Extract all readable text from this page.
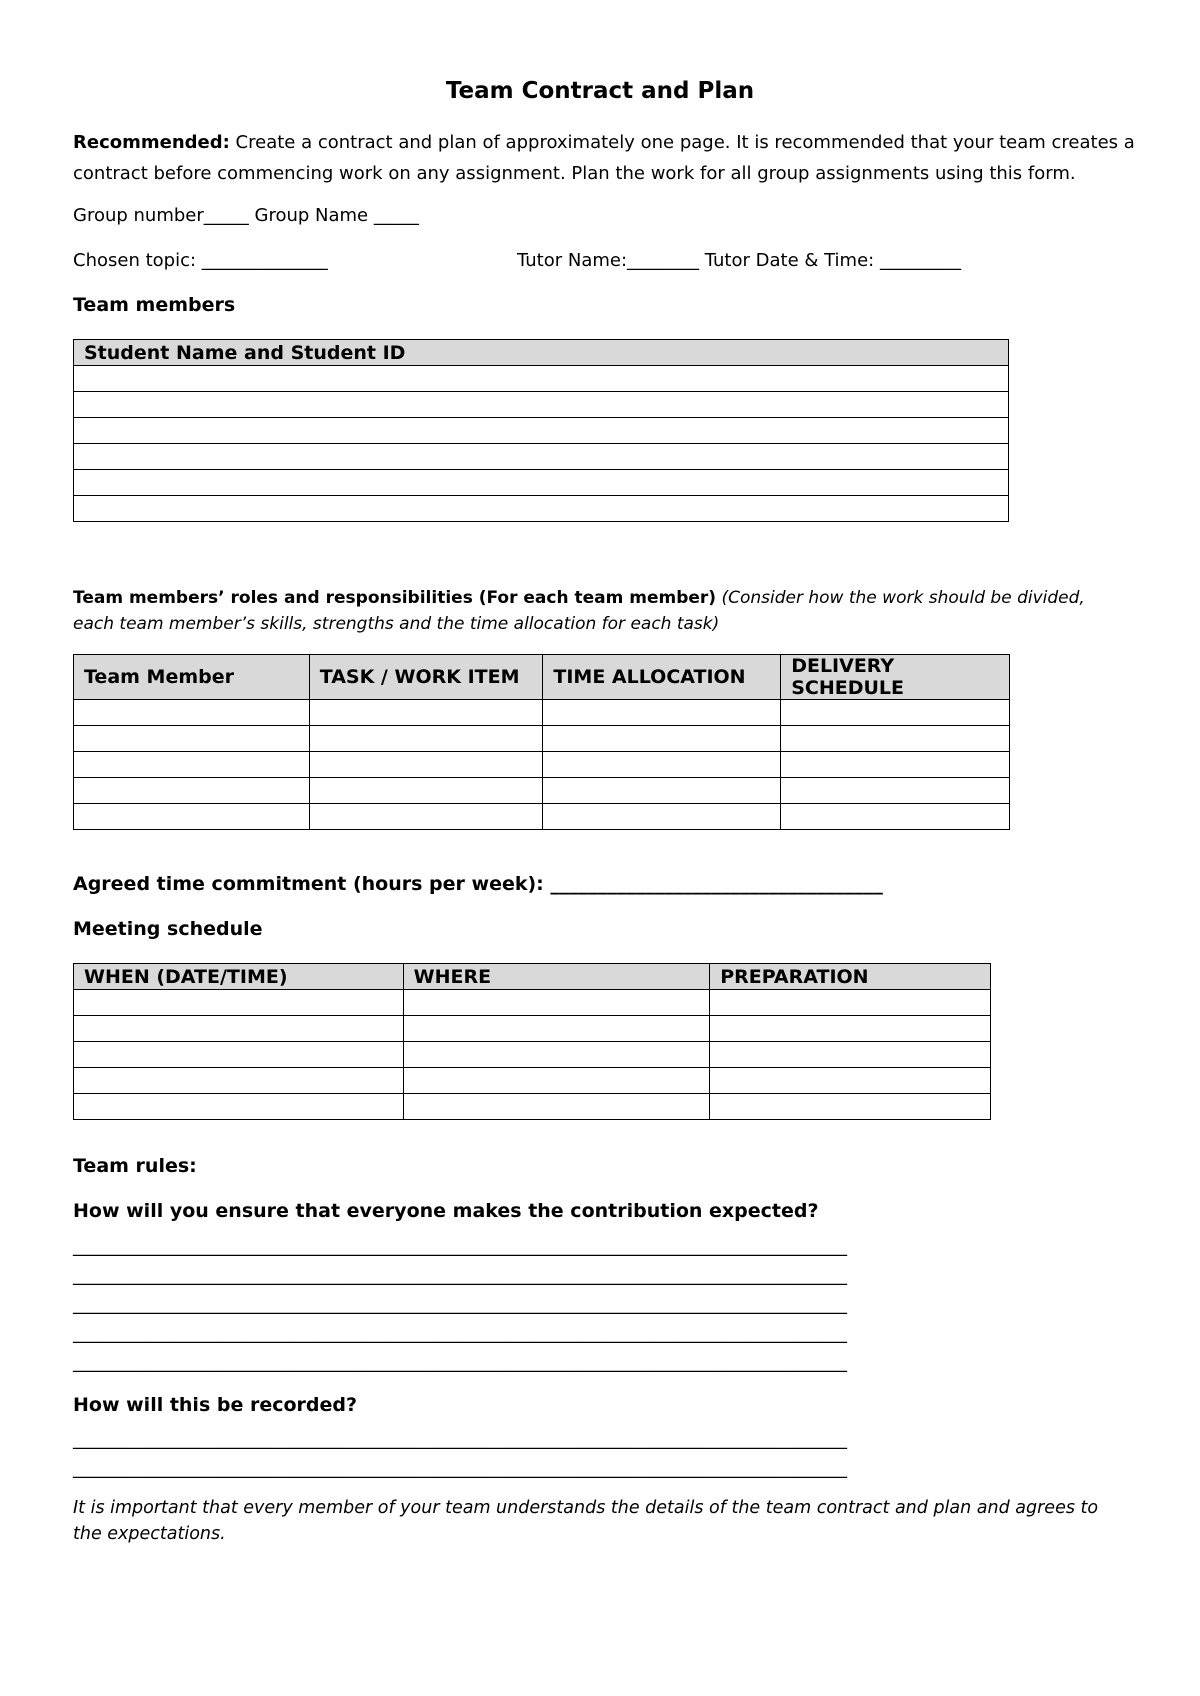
Team Contract and Plan
Recommended: Create a contract and plan of approximately one page. It is recommended that your team creates a contract before commencing work on any assignment. Plan the work for all group assignments using this form.
Group number_____ Group Name _____
Chosen topic: ______________	Tutor Name:________ Tutor Date & Time: _________
Team members
Student Name and Student ID

Team members’ roles and responsibilities (For each team member) (Consider how the work should be divided, each team member’s skills, strengths and the time allocation for each task)
Team Member	TASK / WORK ITEM	TIME ALLOCATION	DELIVERY SCHEDULE

Agreed time commitment (hours per week): ___________________________________
Meeting schedule
WHEN (DATE/TIME)	WHERE	PREPARATION

Team rules:
How will you ensure that everyone makes the contribution expected?
______________________________________________________________________________________
______________________________________________________________________________________
______________________________________________________________________________________
______________________________________________________________________________________
______________________________________________________________________________________
How will this be recorded?
______________________________________________________________________________________
______________________________________________________________________________________
It is important that every member of your team understands the details of the team contract and plan and agrees to the expectations.
